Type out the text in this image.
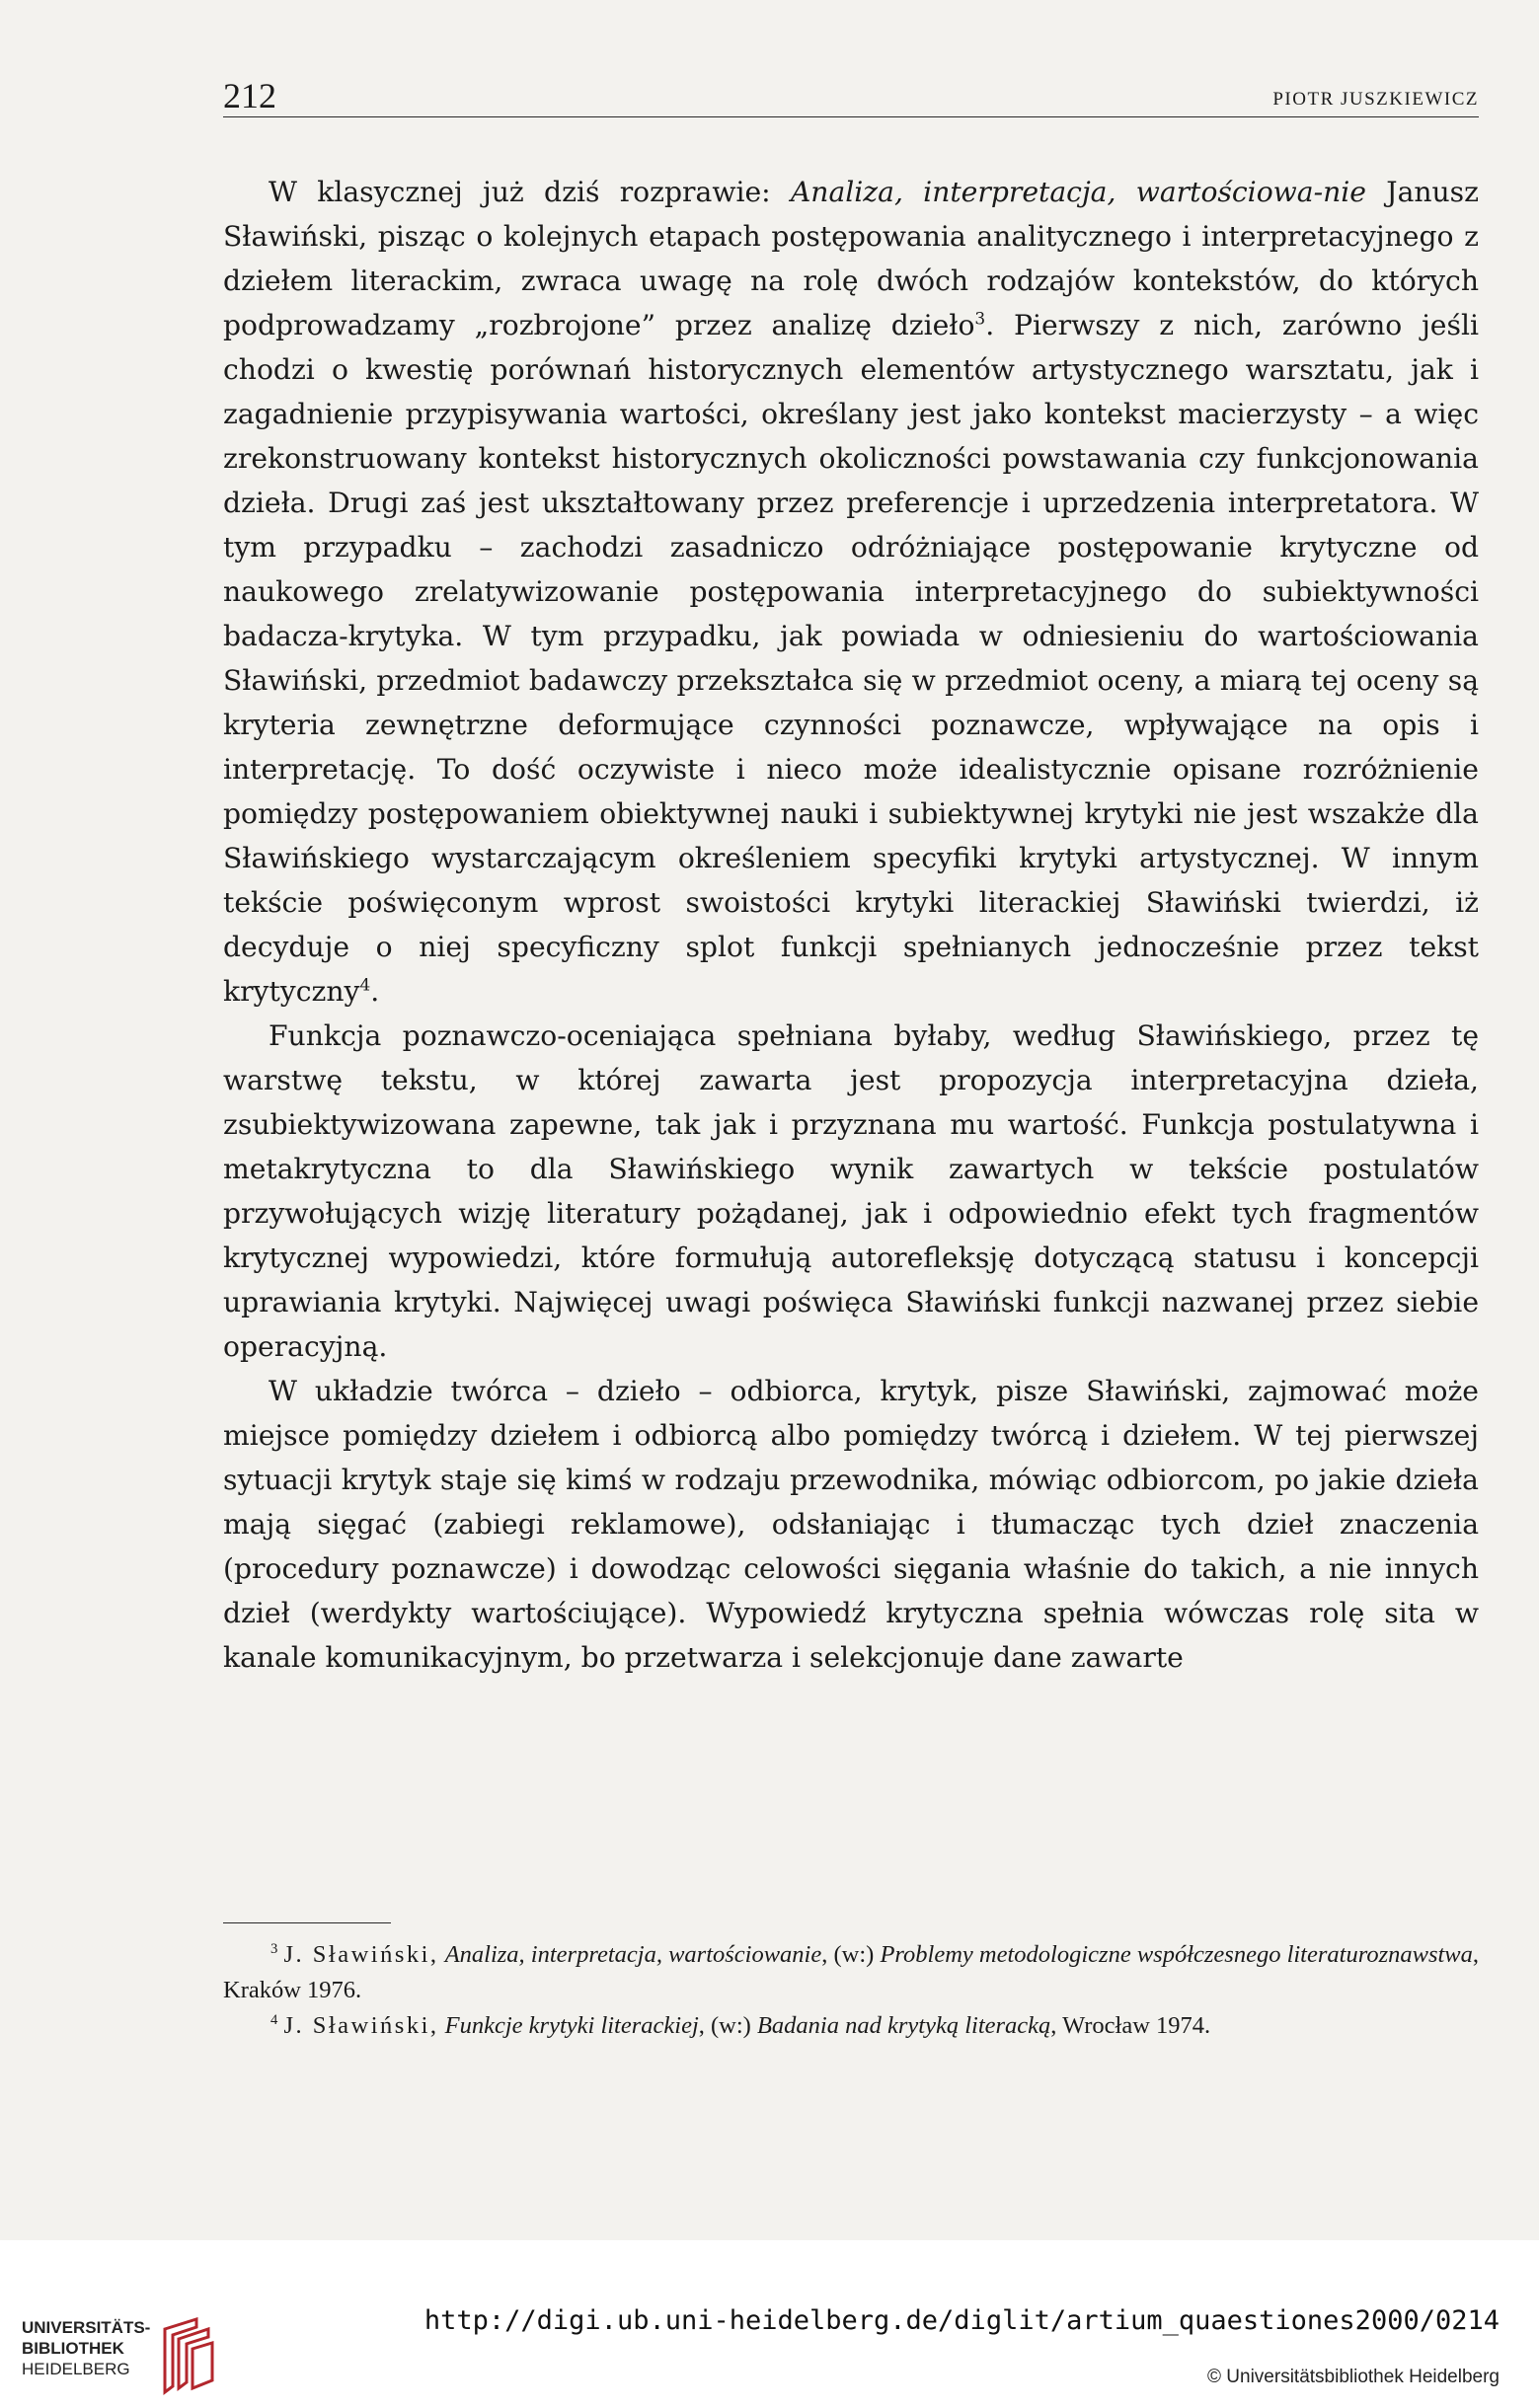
212	PIOTR JUSZKIEWICZ

W klasycznej już dziś rozprawie: Analiza, interpretacja, wartościowa-nie Janusz Sławiński, pisząc o kolejnych etapach postępowania analitycznego i interpretacyjnego z dziełem literackim, zwraca uwagę na rolę dwóch rodzajów kontekstów, do których podprowadzamy „rozbrojone” przez analizę dzieło$^3$. Pierwszy z nich, zarówno jeśli chodzi o kwestię porównań historycznych elementów artystycznego warsztatu, jak i zagadnienie przypisywania wartości, określany jest jako kontekst macierzysty – a więc zrekonstruowany kontekst historycznych okoliczności powstawania czy funkcjonowania dzieła. Drugi zaś jest ukształtowany przez preferencje i uprzedzenia interpretatora. W tym przypadku – zachodzi zasadniczo odróżniające postępowanie krytyczne od naukowego zrelatywizowanie postępowania interpretacyjnego do subiektywności badacza-krytyka. W tym przypadku, jak powiada w odniesieniu do wartościowania Sławiński, przedmiot badawczy przekształca się w przedmiot oceny, a miarą tej oceny są kryteria zewnętrzne deformujące czynności poznawcze, wpływające na opis i interpretację. To dość oczywiste i nieco może idealistycznie opisane rozróżnienie pomiędzy postępowaniem obiektywnej nauki i subiektywnej krytyki nie jest wszakże dla Sławińskiego wystarczającym określeniem specyfiki krytyki artystycznej. W innym tekście poświęconym wprost swoistości krytyki literackiej Sławiński twierdzi, iż decyduje o niej specyficzny splot funkcji spełnianych jednocześnie przez tekst krytyczny$^4$.

Funkcja poznawczo-oceniająca spełniana byłaby, według Sławińskiego, przez tę warstwę tekstu, w której zawarta jest propozycja interpretacyjna dzieła, zsubiektywizowana zapewne, tak jak i przyznana mu wartość. Funkcja postulatywna i metakrytyczna to dla Sławińskiego wynik zawartych w tekście postulatów przywołujących wizję literatury pożądanej, jak i odpowiednio efekt tych fragmentów krytycznej wypowiedzi, które formułują autorefleksję dotyczącą statusu i koncepcji uprawiania krytyki. Najwięcej uwagi poświęca Sławiński funkcji nazwanej przez siebie operacyjną.

W układzie twórca – dzieło – odbiorca, krytyk, pisze Sławiński, zajmować może miejsce pomiędzy dziełem i odbiorcą albo pomiędzy twórcą i dziełem. W tej pierwszej sytuacji krytyk staje się kimś w rodzaju przewodnika, mówiąc odbiorcom, po jakie dzieła mają sięgać (zabiegi reklamowe), odsłaniając i tłumacząc tych dzieł znaczenia (procedury poznawcze) i dowodząc celowości sięgania właśnie do takich, a nie innych dzieł (werdykty wartościujące). Wypowiedź krytyczna spełnia wówczas rolę sita w kanale komunikacyjnym, bo przetwarza i selekcjonuje dane zawarte

$^3$ J. Sławiński, Analiza, interpretacja, wartościowanie, (w:) Problemy metodologiczne współczesnego literaturoznawstwa, Kraków 1976.

$^4$ J. Sławiński, Funkcje krytyki literackiej, (w:) Badania nad krytyką literacką, Wrocław 1974.

UNIVERSITÄTS-
BIBLIOTHEK
HEIDELBERG
http://digi.ub.uni-heidelberg.de/diglit/artium_quaestiones2000/0214
© Universitätsbibliothek Heidelberg
